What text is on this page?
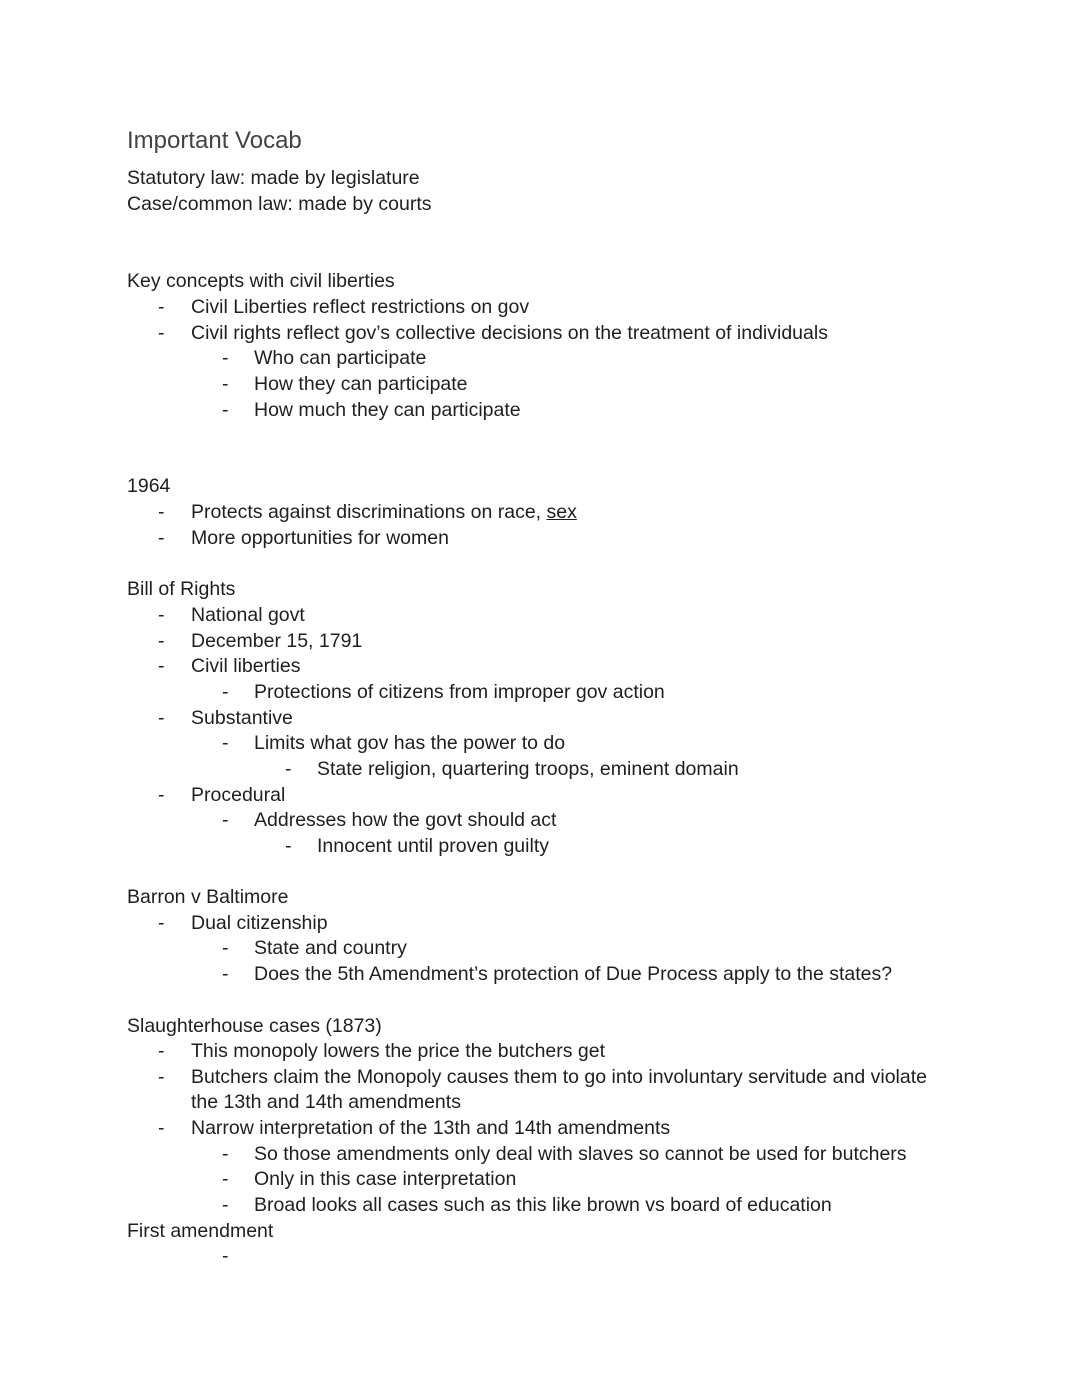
Important Vocab
Statutory law: made by legislature
Case/common law: made by courts
Key concepts with civil liberties
- Civil Liberties reflect restrictions on gov
- Civil rights reflect gov’s collective decisions on the treatment of individuals
- Who can participate
- How they can participate
- How much they can participate
1964
- Protects against discriminations on race, sex
- More opportunities for women
Bill of Rights
- National govt
- December 15, 1791
- Civil liberties
- Protections of citizens from improper gov action
- Substantive
- Limits what gov has the power to do
- State religion, quartering troops, eminent domain
- Procedural
- Addresses how the govt should act
- Innocent until proven guilty
Barron v Baltimore
- Dual citizenship
- State and country
- Does the 5th Amendment’s protection of Due Process apply to the states?
Slaughterhouse cases (1873)
- This monopoly lowers the price the butchers get
- Butchers claim the Monopoly causes them to go into involuntary servitude and violate
the 13th and 14th amendments
- Narrow interpretation of the 13th and 14th amendments
- So those amendments only deal with slaves so cannot be used for butchers
- Only in this case interpretation
- Broad looks all cases such as this like brown vs board of education
First amendment
-
